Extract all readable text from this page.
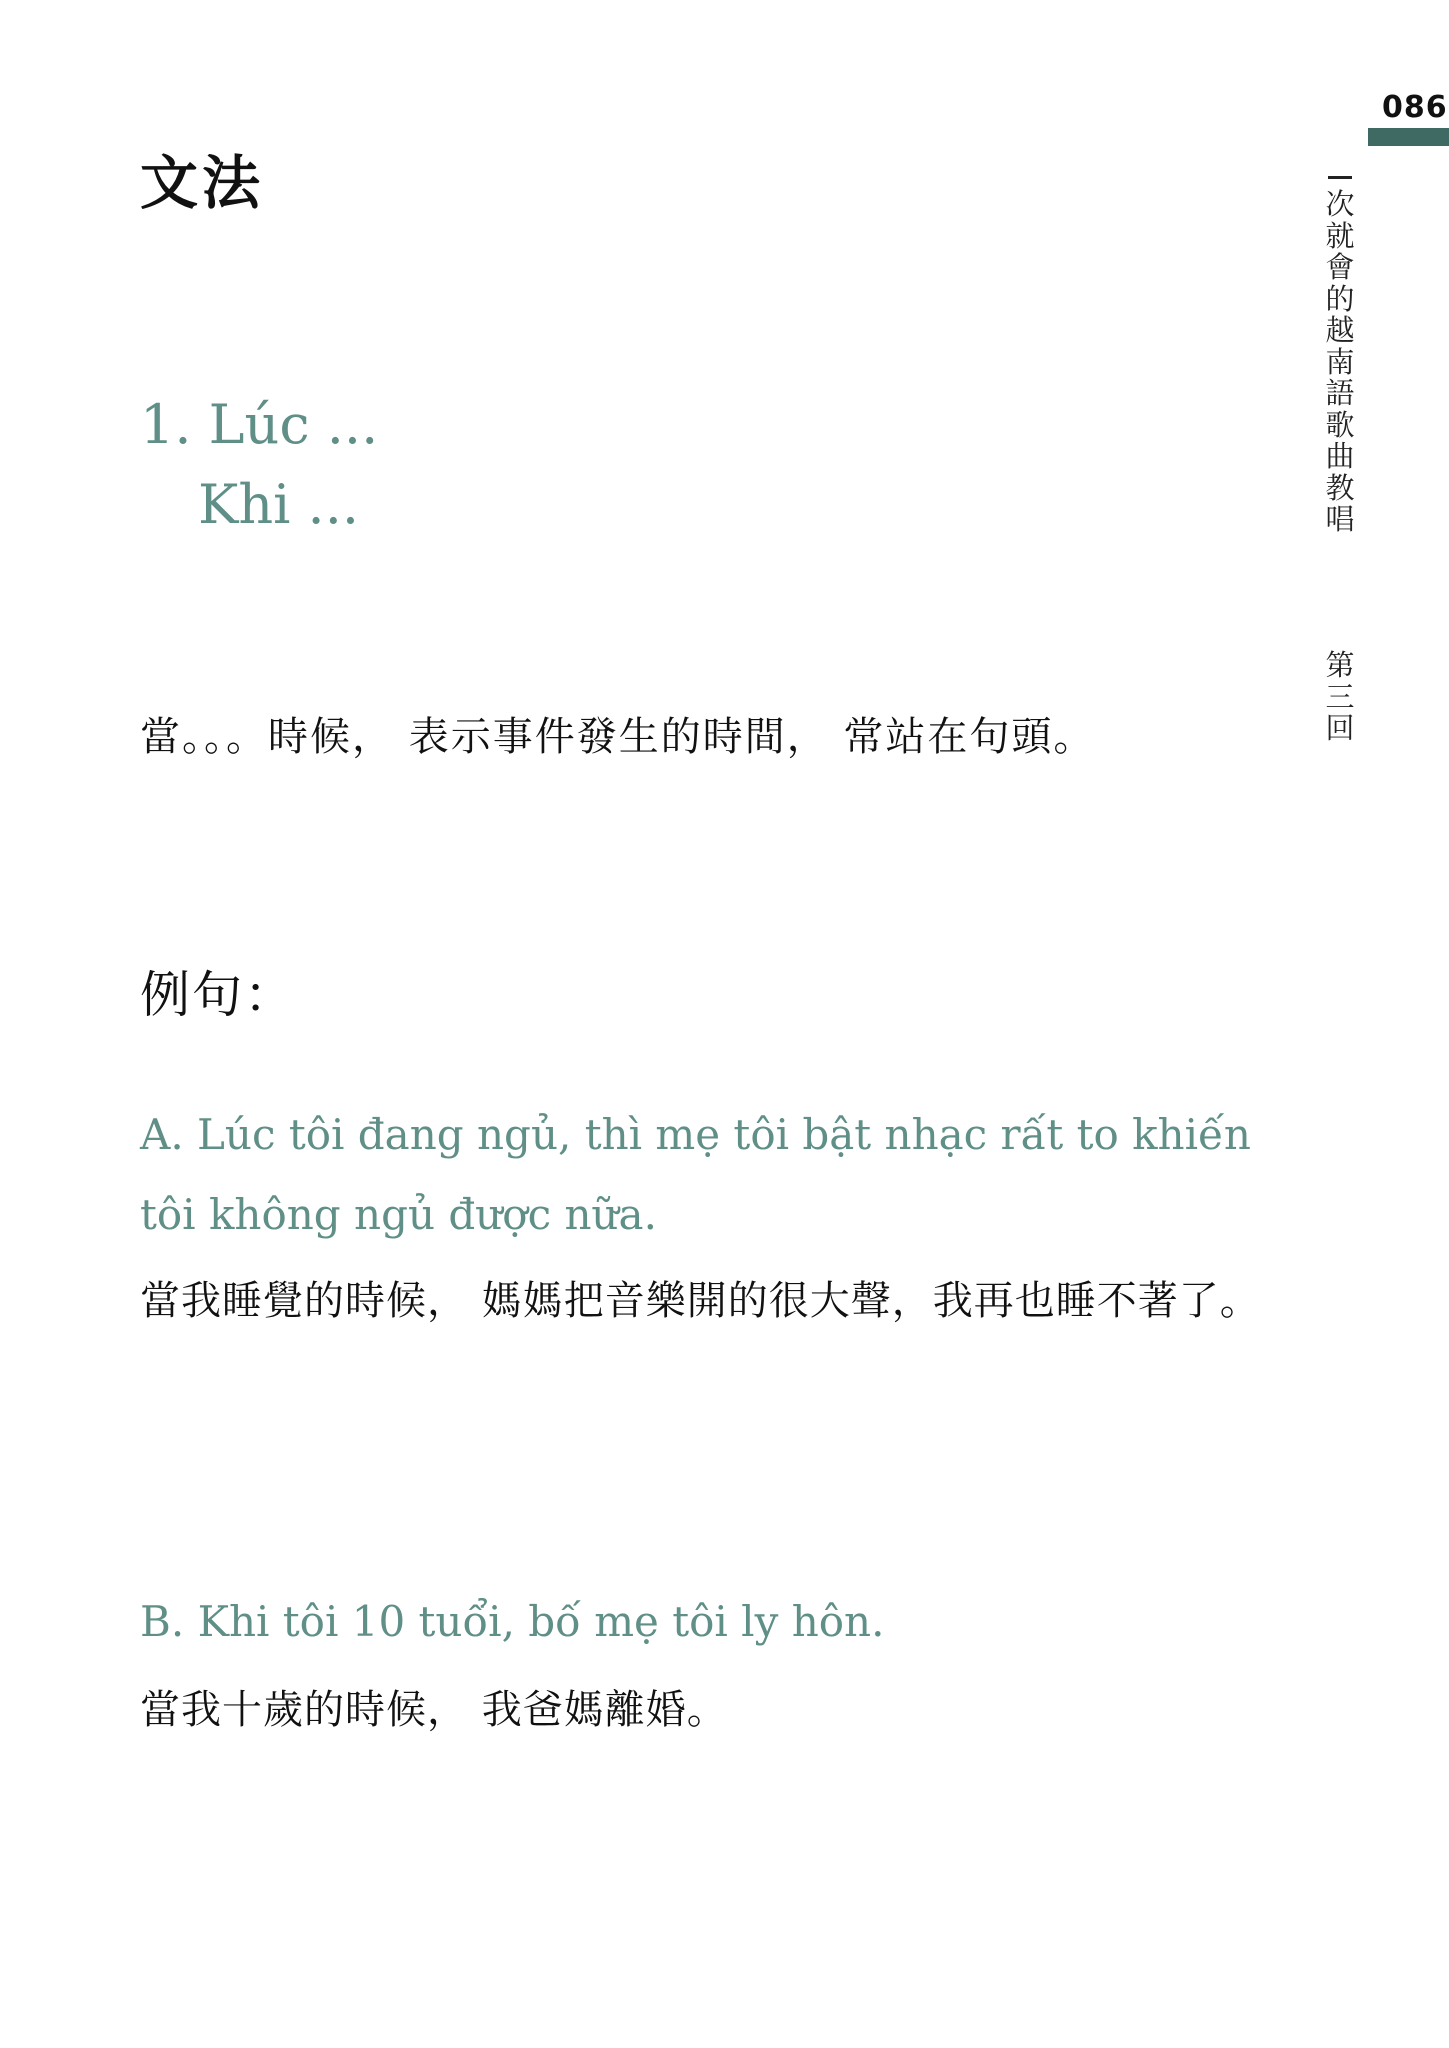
086
次就會的越南語歌曲教唱
第三回
文法
1. Lúc ...
Khi ...
當。。。時候， 表示事件發生的時間， 常站在句頭。
例句：
A. Lúc tôi đang ngủ, thì mẹ tôi bật nhạc rất to khiến tôi không ngủ được nữa.
當我睡覺的時候， 媽媽把音樂開的很大聲，我再也睡不著了。
B. Khi tôi 10 tuổi, bố mẹ tôi ly hôn.
當我十歲的時候， 我爸媽離婚。
